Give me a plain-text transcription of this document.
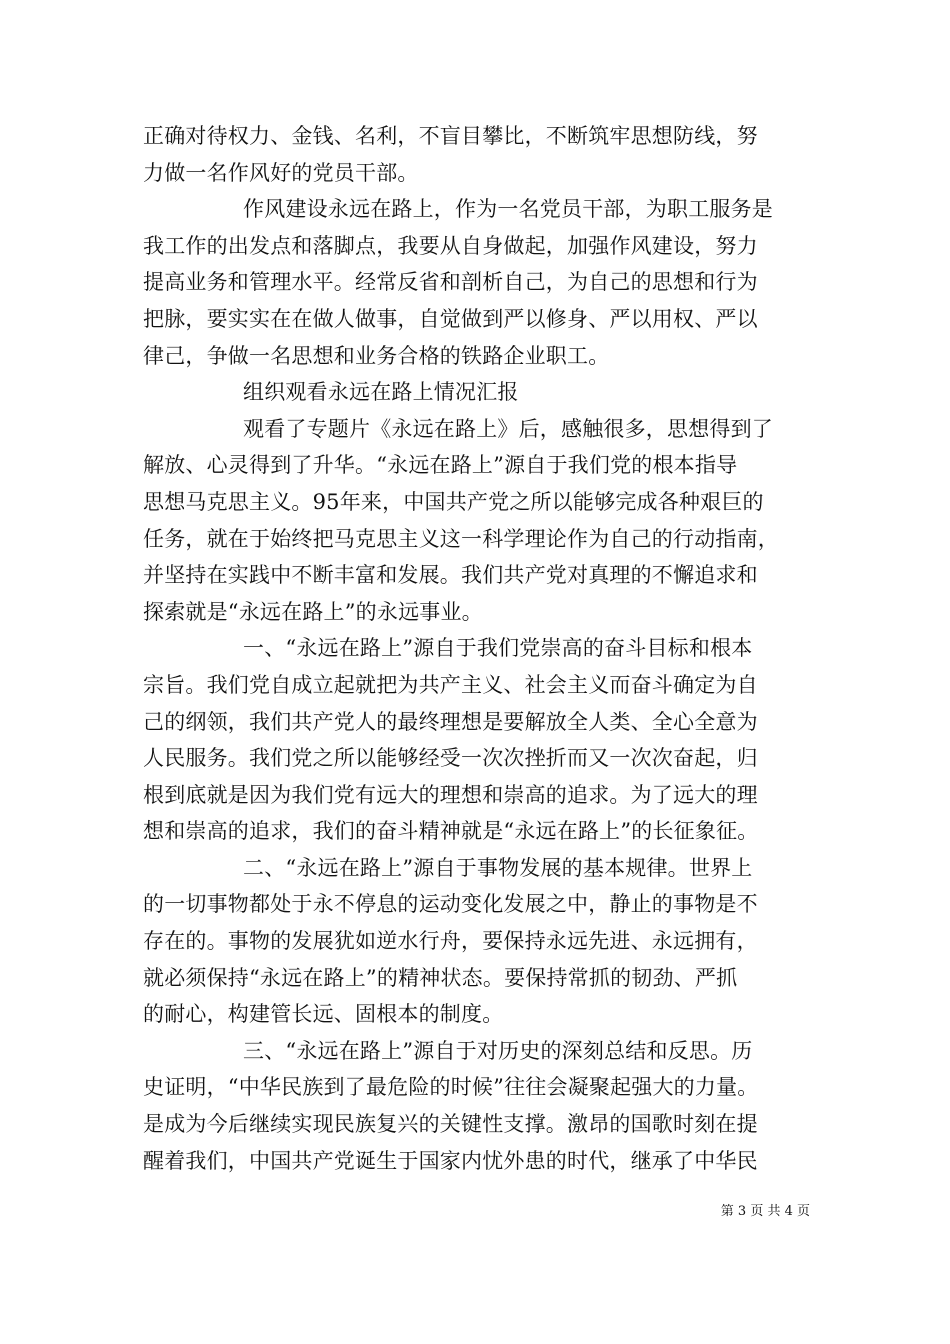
正确对待权力、金钱、名利，不盲目攀比，不断筑牢思想防线，努
力做一名作风好的党员干部。
作风建设永远在路上，作为一名党员干部，为职工服务是
我工作的出发点和落脚点，我要从自身做起，加强作风建设，努力
提高业务和管理水平。经常反省和剖析自己，为自己的思想和行为
把脉，要实实在在做人做事，自觉做到严以修身、严以用权、严以
律己，争做一名思想和业务合格的铁路企业职工。
组织观看永远在路上情况汇报
观看了专题片《永远在路上》后，感触很多，思想得到了
解放、心灵得到了升华。“永远在路上”源自于我们党的根本指导
思想马克思主义。95年来，中国共产党之所以能够完成各种艰巨的
任务，就在于始终把马克思主义这一科学理论作为自己的行动指南，
并坚持在实践中不断丰富和发展。我们共产党对真理的不懈追求和
探索就是“永远在路上”的永远事业。
一、“永远在路上”源自于我们党崇高的奋斗目标和根本
宗旨。我们党自成立起就把为共产主义、社会主义而奋斗确定为自
己的纲领，我们共产党人的最终理想是要解放全人类、全心全意为
人民服务。我们党之所以能够经受一次次挫折而又一次次奋起，归
根到底就是因为我们党有远大的理想和崇高的追求。为了远大的理
想和崇高的追求，我们的奋斗精神就是“永远在路上”的长征象征。
二、“永远在路上”源自于事物发展的基本规律。世界上
的一切事物都处于永不停息的运动变化发展之中，静止的事物是不
存在的。事物的发展犹如逆水行舟，要保持永远先进、永远拥有，
就必须保持“永远在路上”的精神状态。要保持常抓的韧劲、严抓
的耐心，构建管长远、固根本的制度。
三、“永远在路上”源自于对历史的深刻总结和反思。历
史证明，“中华民族到了最危险的时候”往往会凝聚起强大的力量。
是成为今后继续实现民族复兴的关键性支撑。激昂的国歌时刻在提
醒着我们，中国共产党诞生于国家内忧外患的时代，继承了中华民
第 3 页 共 4 页
